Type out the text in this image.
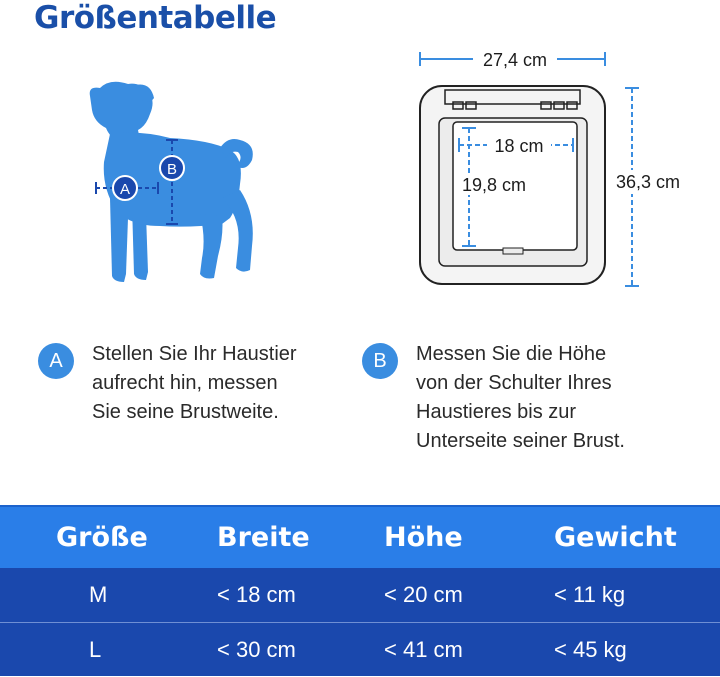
Größentabelle
A
B
27,4 cm
18 cm
19,8 cm	36,3 cm
A	Stellen Sie Ihr Haustier
aufrecht hin, messen
Sie seine Brustweite.
B	Messen Sie die Höhe
von der Schulter Ihres
Haustieres bis zur
Unterseite seiner Brust.
Größe	Breite	Höhe	Gewicht
M	< 18 cm	< 20 cm	< 11 kg
L	< 30 cm	< 41 cm	< 45 kg
